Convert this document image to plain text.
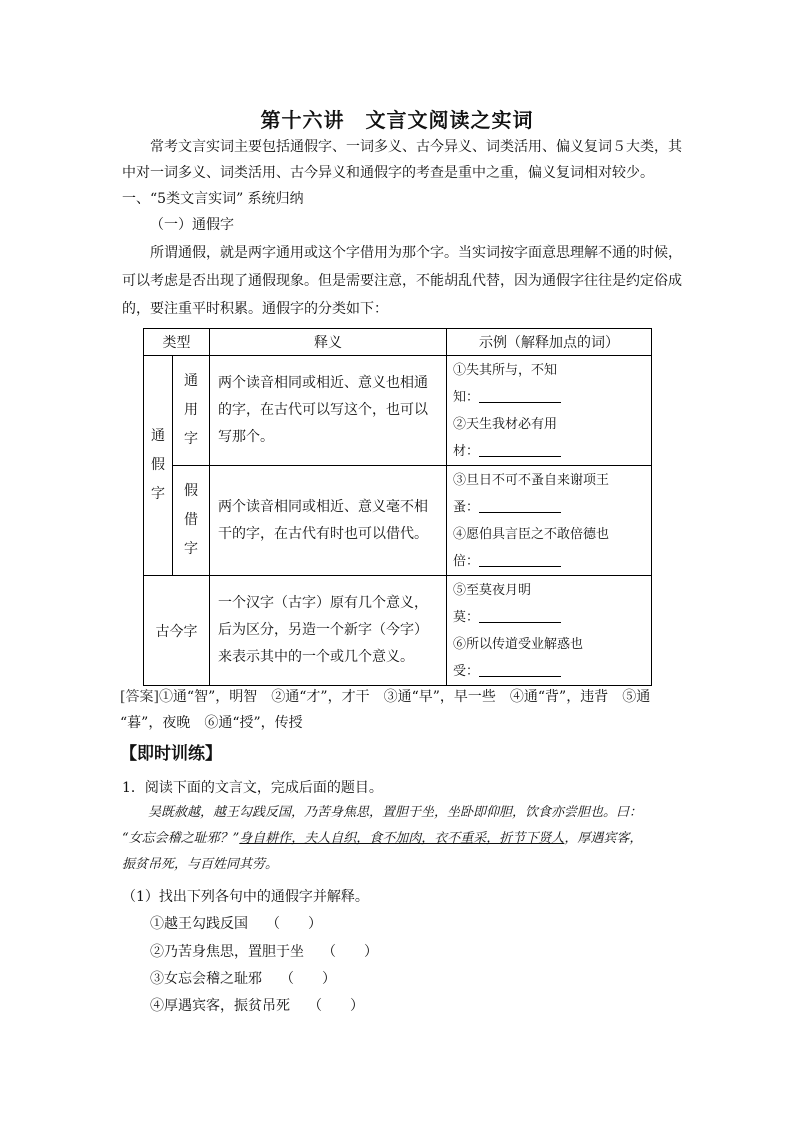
第十六讲　文言文阅读之实词
常考文言实词主要包括通假字、一词多义、古今异义、词类活用、偏义复词５大类，其
中对一词多义、词类活用、古今异义和通假字的考查是重中之重，偏义复词相对较少。
一、“5类文言实词” 系统归纳
（一）通假字
所谓通假，就是两字通用或这个字借用为那个字。当实词按字面意思理解不通的时候，
可以考虑是否出现了通假现象。但是需要注意，不能胡乱代替，因为通假字往往是约定俗成
的，要注重平时积累。通假字的分类如下：
类型		释义	示例（解释加点的词）
通
假
字	通
用
字	两个读音相同或相近、意义也相通的字，在古代可以写这个，也可以写那个。	①失其所与，不知
知：
②天生我材必有用
材：

	假
借
字	两个读音相同或相近、意义毫不相干的字，在古代有时也可以借代。	③旦日不可不蚤自来谢项王
蚤：
④愿伯具言臣之不敢倍德也
倍：

古今字		一个汉字（古字）原有几个意义，后为区分，另造一个新字（今字）来表示其中的一个或几个意义。	⑤至莫夜月明
莫：
⑥所以传道受业解惑也
受：
[答案]①通“智”，明智　②通“才”，才干　③通“早”，早一些　④通“背”，违背　⑤通
“暮”，夜晚　⑥通“授”，传授
【即时训练】
1．阅读下面的文言文，完成后面的题目。
吴既赦越，越王勾践反国，乃苦身焦思，置胆于坐，坐卧即仰胆，饮食亦尝胆也。曰：
“女忘会稽之耻邪？”身自耕作，夫人自织，食不加肉，衣不重采，折节下贤人，厚遇宾客，
振贫吊死，与百姓同其劳。
（1）找出下列各句中的通假字并解释。
①越王勾践反国 （　　）
②乃苦身焦思，置胆于坐 （　　）
③女忘会稽之耻邪 （　　）
④厚遇宾客，振贫吊死 （　　）
